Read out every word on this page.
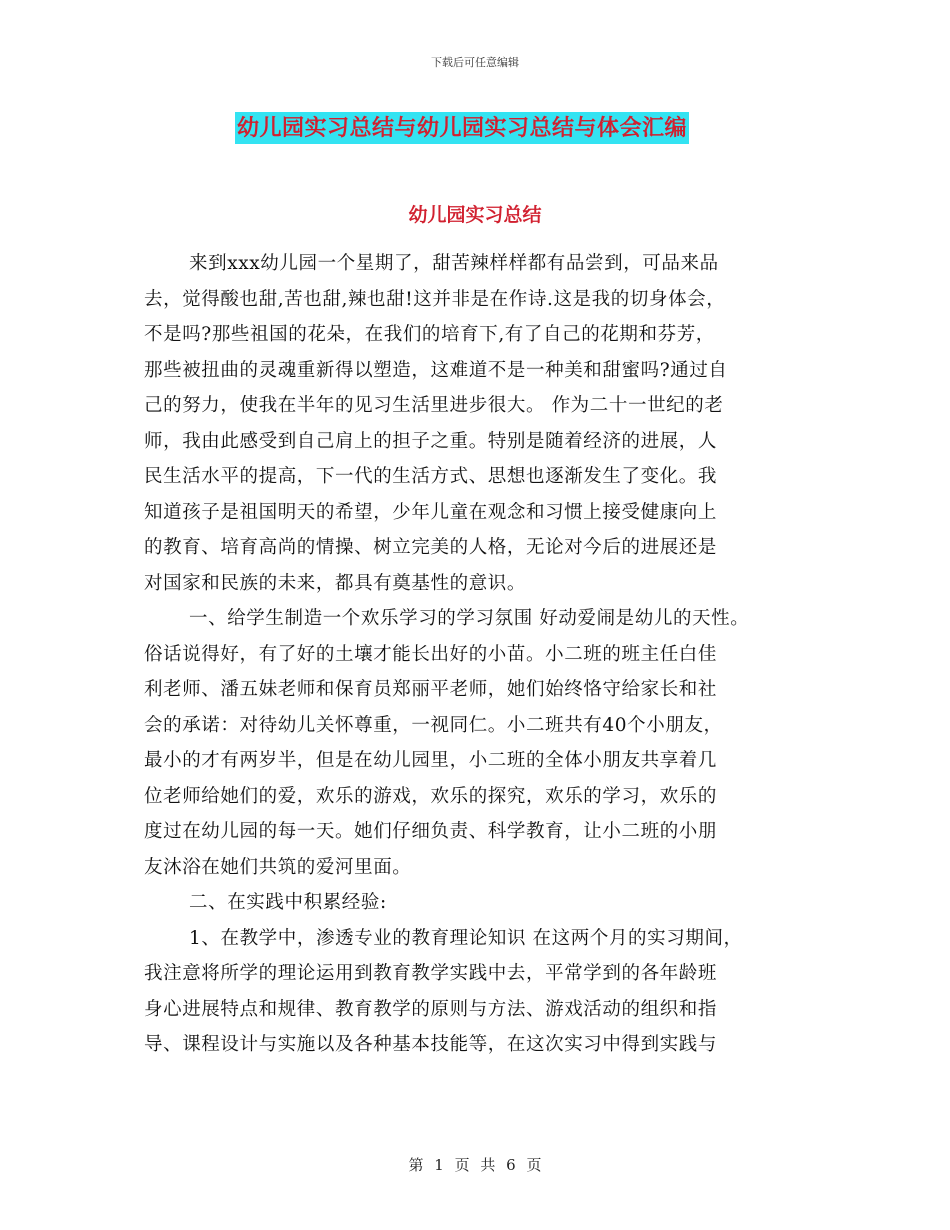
下载后可任意编辑
幼儿园实习总结与幼儿园实习总结与体会汇编
幼儿园实习总结
来到xxx幼儿园一个星期了，甜苦辣样样都有品尝到，可品来品
去，觉得酸也甜,苦也甜,辣也甜!这并非是在作诗.这是我的切身体会，
不是吗?那些祖国的花朵，在我们的培育下,有了自己的花期和芬芳，
那些被扭曲的灵魂重新得以塑造，这难道不是一种美和甜蜜吗?通过自
己的努力，使我在半年的见习生活里进步很大。 作为二十一世纪的老
师，我由此感受到自己肩上的担子之重。特别是随着经济的进展，人
民生活水平的提高，下一代的生活方式、思想也逐渐发生了变化。我
知道孩子是祖国明天的希望，少年儿童在观念和习惯上接受健康向上
的教育、培育高尚的情操、树立完美的人格，无论对今后的进展还是
对国家和民族的未来，都具有奠基性的意识。
一、给学生制造一个欢乐学习的学习氛围 好动爱闹是幼儿的天性。
俗话说得好，有了好的土壤才能长出好的小苗。小二班的班主任白佳
利老师、潘五妹老师和保育员郑丽平老师，她们始终恪守给家长和社
会的承诺：对待幼儿关怀尊重，一视同仁。小二班共有40个小朋友，
最小的才有两岁半，但是在幼儿园里，小二班的全体小朋友共享着几
位老师给她们的爱，欢乐的游戏，欢乐的探究，欢乐的学习，欢乐的
度过在幼儿园的每一天。她们仔细负责、科学教育，让小二班的小朋
友沐浴在她们共筑的爱河里面。
二、在实践中积累经验:
1、在教学中，渗透专业的教育理论知识 在这两个月的实习期间，
我注意将所学的理论运用到教育教学实践中去，平常学到的各年龄班
身心进展特点和规律、教育教学的原则与方法、游戏活动的组织和指
导、课程设计与实施以及各种基本技能等，在这次实习中得到实践与
第 1 页 共 6 页
